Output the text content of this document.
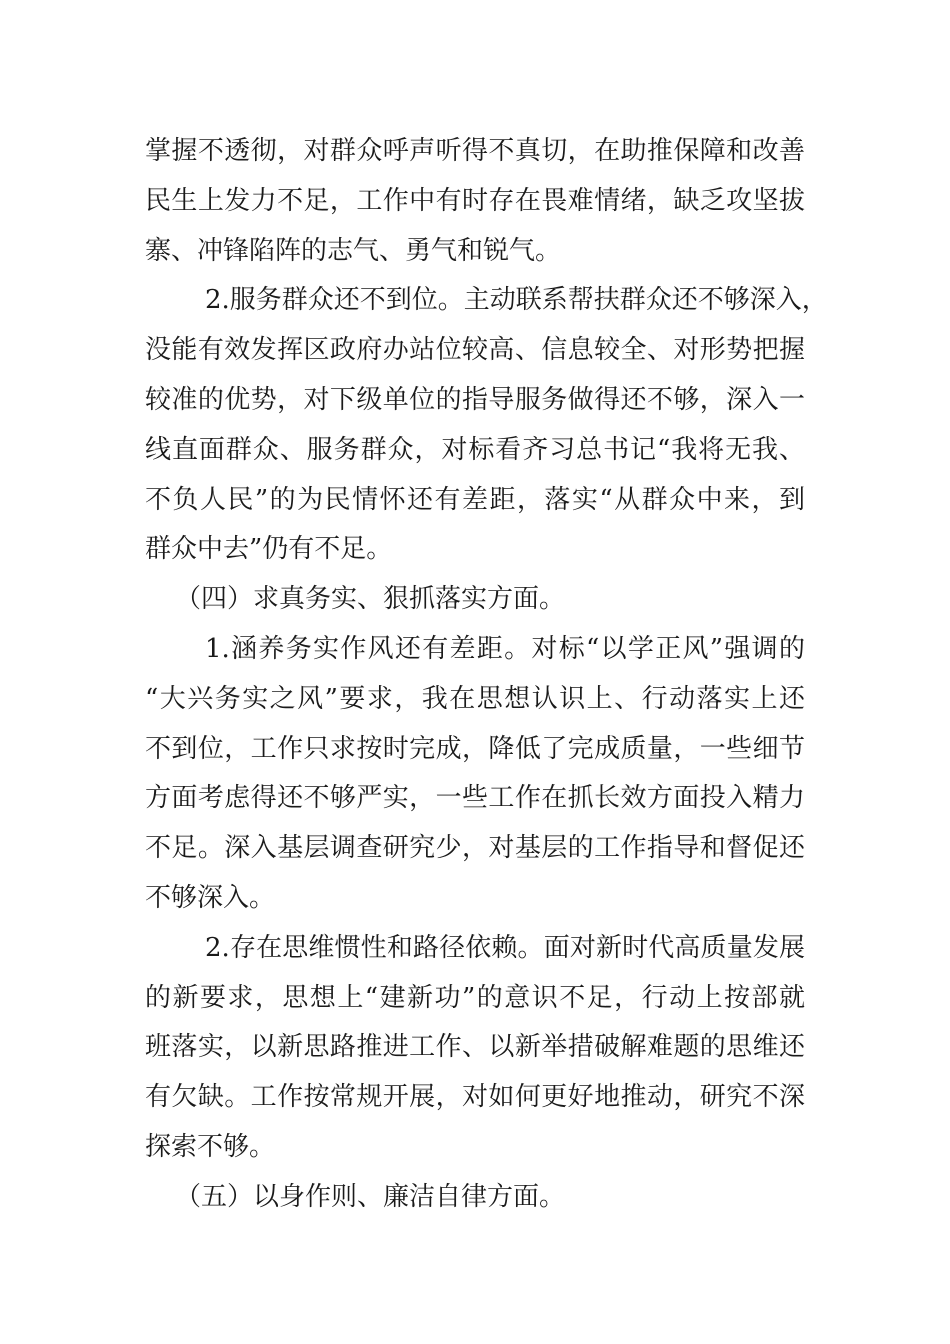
掌握不透彻，对群众呼声听得不真切，在助推保障和改善
民生上发力不足，工作中有时存在畏难情绪，缺乏攻坚拔
寨、冲锋陷阵的志气、勇气和锐气。
2.服务群众还不到位。主动联系帮扶群众还不够深入，
没能有效发挥区政府办站位较高、信息较全、对形势把握
较准的优势，对下级单位的指导服务做得还不够，深入一
线直面群众、服务群众，对标看齐习总书记“我将无我、
不负人民”的为民情怀还有差距，落实“从群众中来，到
群众中去”仍有不足。
（四）求真务实、狠抓落实方面。
1.涵养务实作风还有差距。对标“以学正风”强调的
“大兴务实之风”要求，我在思想认识上、行动落实上还
不到位，工作只求按时完成，降低了完成质量，一些细节
方面考虑得还不够严实，一些工作在抓长效方面投入精力
不足。深入基层调查研究少，对基层的工作指导和督促还
不够深入。
2.存在思维惯性和路径依赖。面对新时代高质量发展
的新要求，思想上“建新功”的意识不足，行动上按部就
班落实，以新思路推进工作、以新举措破解难题的思维还
有欠缺。工作按常规开展，对如何更好地推动，研究不深
探索不够。
（五）以身作则、廉洁自律方面。
